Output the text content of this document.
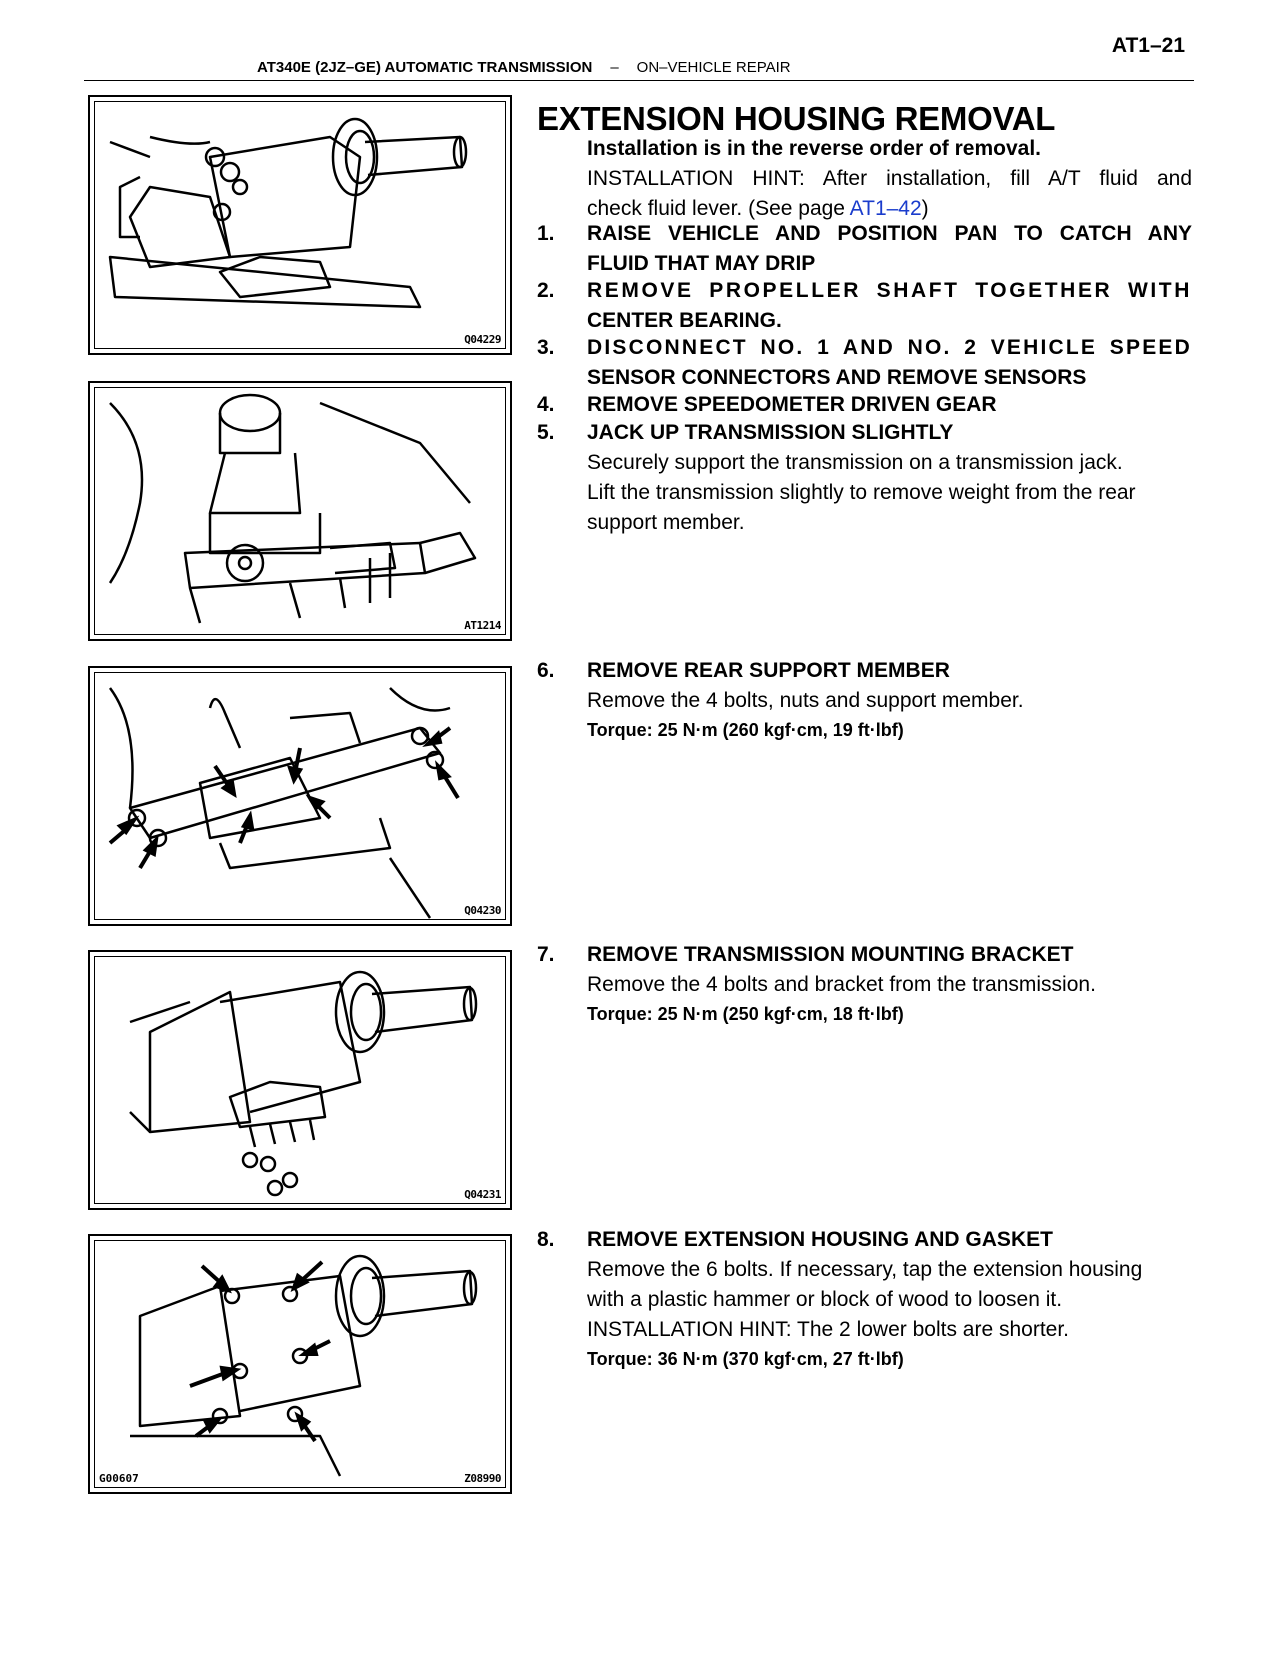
AT1–21
AT340E (2JZ–GE) AUTOMATIC TRANSMISSION – ON–VEHICLE REPAIR
Q04229
AT1214
Q04230
Q04231
G00607	Z08990
EXTENSION HOUSING REMOVAL
Installation is in the reverse order of removal.
INSTALLATION HINT: After installation, fill A/T fluid and
check fluid lever. (See page AT1–42)
1.	RAISE VEHICLE AND POSITION PAN TO CATCH ANY
FLUID THAT MAY DRIP
2.	REMOVE PROPELLER SHAFT TOGETHER WITH
CENTER BEARING.
3.	DISCONNECT NO. 1 AND NO. 2 VEHICLE SPEED
SENSOR CONNECTORS AND REMOVE SENSORS
4.	REMOVE SPEEDOMETER DRIVEN GEAR
5.	JACK UP TRANSMISSION SLIGHTLY
Securely support the transmission on a transmission jack.
Lift the transmission slightly to remove weight from the rear
support member.
6.	REMOVE REAR SUPPORT MEMBER
Remove the 4 bolts, nuts and support member.
Torque: 25 N·m (260 kgf·cm, 19 ft·lbf)
7.	REMOVE TRANSMISSION MOUNTING BRACKET
Remove the 4 bolts and bracket from the transmission.
Torque: 25 N·m (250 kgf·cm, 18 ft·lbf)
8.	REMOVE EXTENSION HOUSING AND GASKET
Remove the 6 bolts. If necessary, tap the extension housing
with a plastic hammer or block of wood to loosen it.
INSTALLATION HINT: The 2 lower bolts are shorter.
Torque: 36 N·m (370 kgf·cm, 27 ft·lbf)
